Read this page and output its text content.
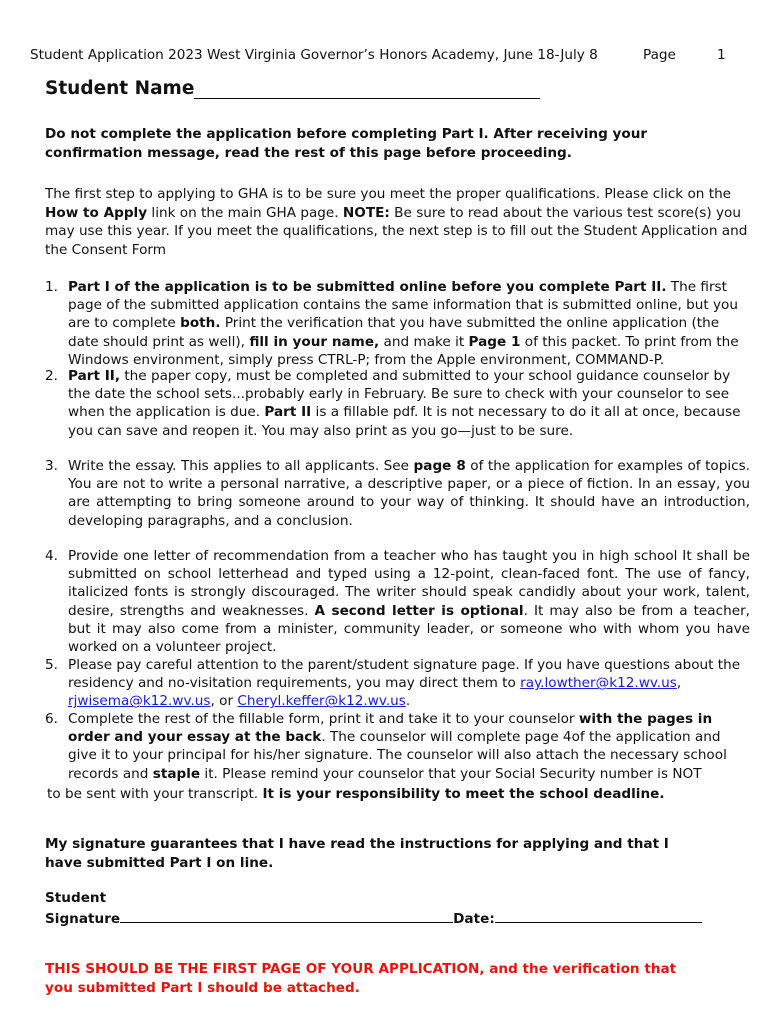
Student Application 2023 West Virginia Governor’s Honors Academy, June 18-July 8	Page	1
Student Name
Do not complete the application before completing Part I. After receiving your confirmation message, read the rest of this page before proceeding.
The first step to applying to GHA is to be sure you meet the proper qualifications. Please click on the How to Apply link on the main GHA page. NOTE: Be sure to read about the various test score(s) you may use this year. If you meet the qualifications, the next step is to fill out the Student Application and the Consent Form
1. Part I of the application is to be submitted online before you complete Part II. The first page of the submitted application contains the same information that is submitted online, but you are to complete both. Print the verification that you have submitted the online application (the date should print as well), fill in your name, and make it Page 1 of this packet. To print from the Windows environment, simply press CTRL-P; from the Apple environment, COMMAND-P.
2. Part II, the paper copy, must be completed and submitted to your school guidance counselor by the date the school sets...probably early in February. Be sure to check with your counselor to see when the application is due. Part II is a fillable pdf. It is not necessary to do it all at once, because you can save and reopen it. You may also print as you go—just to be sure.
3. Write the essay. This applies to all applicants. See page 8 of the application for examples of topics. You are not to write a personal narrative, a descriptive paper, or a piece of fiction. In an essay, you are attempting to bring someone around to your way of thinking. It should have an introduction, developing paragraphs, and a conclusion.
4. Provide one letter of recommendation from a teacher who has taught you in high school It shall be submitted on school letterhead and typed using a 12-point, clean-faced font. The use of fancy, italicized fonts is strongly discouraged. The writer should speak candidly about your work, talent, desire, strengths and weaknesses. A second letter is optional. It may also be from a teacher, but it may also come from a minister, community leader, or someone who with whom you have worked on a volunteer project.
5. Please pay careful attention to the parent/student signature page. If you have questions about the residency and no-visitation requirements, you may direct them to ray.lowther@k12.wv.us,
rjwisema@k12.wv.us, or Cheryl.keffer@k12.wv.us.
6. Complete the rest of the fillable form, print it and take it to your counselor with the pages in order and your essay at the back. The counselor will complete page 4of the application and give it to your principal for his/her signature. The counselor will also attach the necessary school records and staple it. Please remind your counselor that your Social Security number is NOT
to be sent with your transcript. It is your responsibility to meet the school deadline.
My signature guarantees that I have read the instructions for applying and that I have submitted Part I on line.
Student
Signature	Date:
THIS SHOULD BE THE FIRST PAGE OF YOUR APPLICATION, and the verification that you submitted Part I should be attached.
